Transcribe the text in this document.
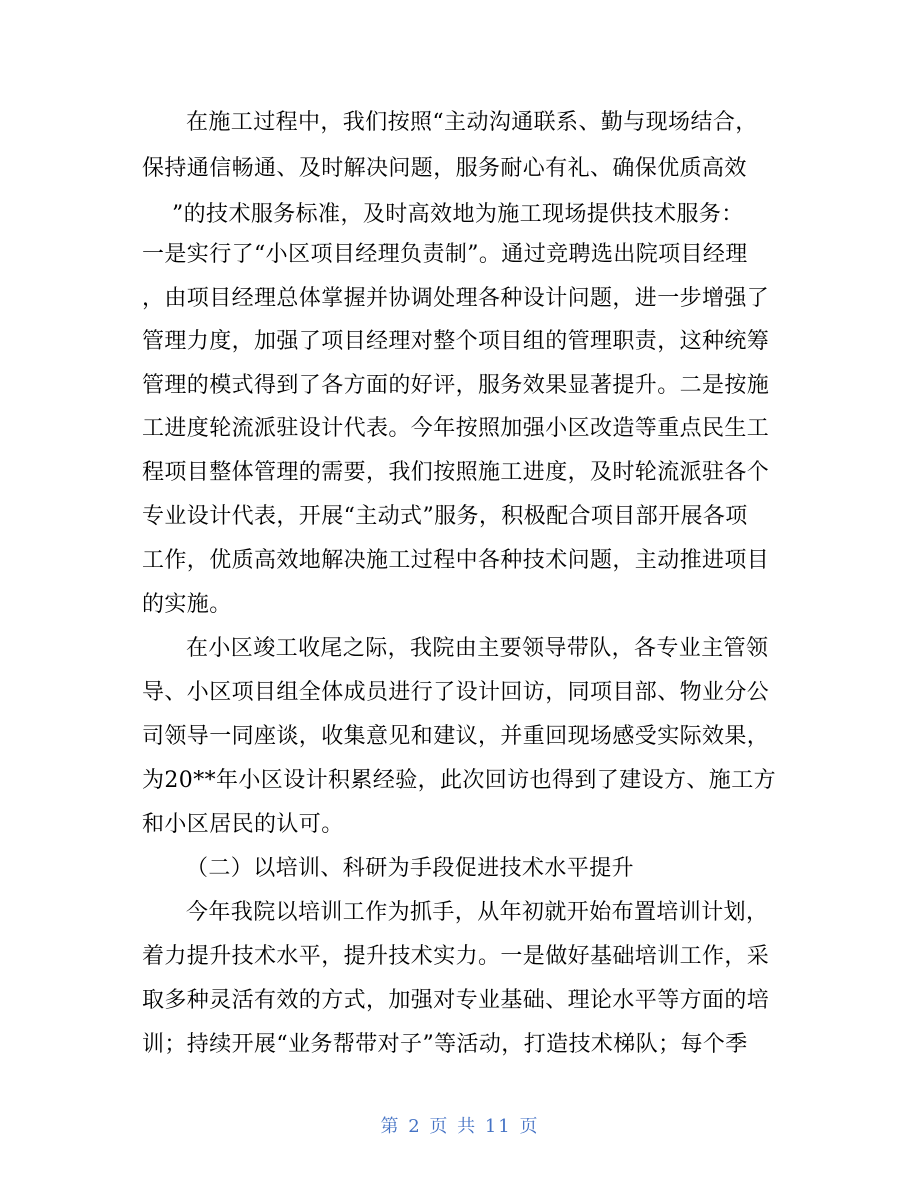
在施工过程中，我们按照“主动沟通联系、勤与现场结合，
保持通信畅通、及时解决问题，服务耐心有礼、确保优质高效
”的技术服务标准，及时高效地为施工现场提供技术服务：
一是实行了“小区项目经理负责制”。通过竞聘选出院项目经理
，由项目经理总体掌握并协调处理各种设计问题，进一步增强了
管理力度，加强了项目经理对整个项目组的管理职责，这种统筹
管理的模式得到了各方面的好评，服务效果显著提升。二是按施
工进度轮流派驻设计代表。今年按照加强小区改造等重点民生工
程项目整体管理的需要，我们按照施工进度，及时轮流派驻各个
专业设计代表，开展“主动式”服务，积极配合项目部开展各项
工作，优质高效地解决施工过程中各种技术问题，主动推进项目
的实施。
在小区竣工收尾之际，我院由主要领导带队，各专业主管领
导、小区项目组全体成员进行了设计回访，同项目部、物业分公
司领导一同座谈，收集意见和建议，并重回现场感受实际效果，
为20**年小区设计积累经验，此次回访也得到了建设方、施工方
和小区居民的认可。
（二）以培训、科研为手段促进技术水平提升
今年我院以培训工作为抓手，从年初就开始布置培训计划，
着力提升技术水平，提升技术实力。一是做好基础培训工作，采
取多种灵活有效的方式，加强对专业基础、理论水平等方面的培
训；持续开展“业务帮带对子”等活动，打造技术梯队；每个季
第 2 页 共 11 页
